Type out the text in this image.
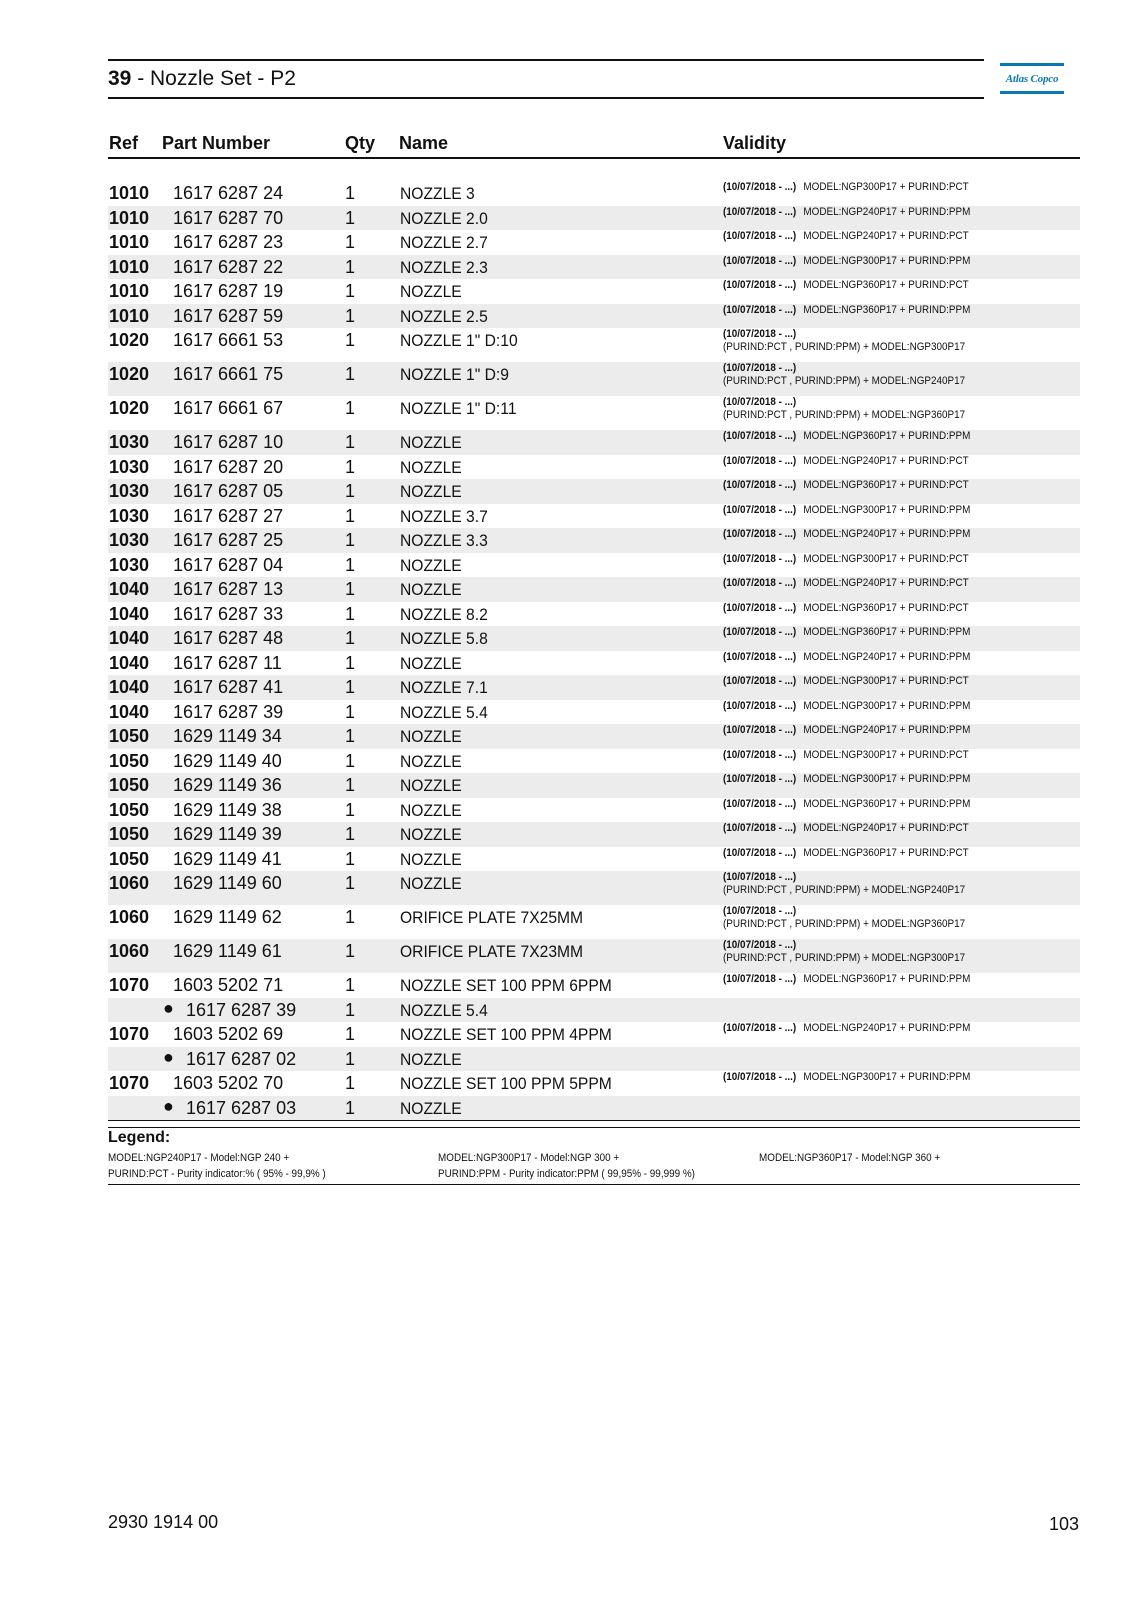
39 - Nozzle Set - P2	Atlas Copco
Ref Part Number	Qty Name	Validity
1010 1617 6287 24	1	NOZZLE 3	(10/07/2018 - ...) MODEL:NGP300P17 + PURIND:PCT
1010 1617 6287 70	1	NOZZLE 2.0	(10/07/2018 - ...) MODEL:NGP240P17 + PURIND:PPM
1010 1617 6287 23	1	NOZZLE 2.7	(10/07/2018 - ...) MODEL:NGP240P17 + PURIND:PCT
1010 1617 6287 22	1	NOZZLE 2.3	(10/07/2018 - ...) MODEL:NGP300P17 + PURIND:PPM
1010 1617 6287 19	1	NOZZLE	(10/07/2018 - ...) MODEL:NGP360P17 + PURIND:PCT
1010 1617 6287 59	1	NOZZLE 2.5	(10/07/2018 - ...) MODEL:NGP360P17 + PURIND:PPM
1020 1617 6661 53	1	NOZZLE 1" D:10	(10/07/2018 - ...)(PURIND:PCT , PURIND:PPM) + MODEL:NGP300P17
1020 1617 6661 75	1	NOZZLE 1" D:9	(10/07/2018 - ...)(PURIND:PCT , PURIND:PPM) + MODEL:NGP240P17
1020 1617 6661 67	1	NOZZLE 1" D:11	(10/07/2018 - ...)(PURIND:PCT , PURIND:PPM) + MODEL:NGP360P17
1030 1617 6287 10	1	NOZZLE	(10/07/2018 - ...) MODEL:NGP360P17 + PURIND:PPM
1030 1617 6287 20	1	NOZZLE	(10/07/2018 - ...) MODEL:NGP240P17 + PURIND:PCT
1030 1617 6287 05	1	NOZZLE	(10/07/2018 - ...) MODEL:NGP360P17 + PURIND:PCT
1030 1617 6287 27	1	NOZZLE 3.7	(10/07/2018 - ...) MODEL:NGP300P17 + PURIND:PPM
1030 1617 6287 25	1	NOZZLE 3.3	(10/07/2018 - ...) MODEL:NGP240P17 + PURIND:PPM
1030 1617 6287 04	1	NOZZLE	(10/07/2018 - ...) MODEL:NGP300P17 + PURIND:PCT
1040 1617 6287 13	1	NOZZLE	(10/07/2018 - ...) MODEL:NGP240P17 + PURIND:PCT
1040 1617 6287 33	1	NOZZLE 8.2	(10/07/2018 - ...) MODEL:NGP360P17 + PURIND:PCT
1040 1617 6287 48	1	NOZZLE 5.8	(10/07/2018 - ...) MODEL:NGP360P17 + PURIND:PPM
1040 1617 6287 11	1	NOZZLE	(10/07/2018 - ...) MODEL:NGP240P17 + PURIND:PPM
1040 1617 6287 41	1	NOZZLE 7.1	(10/07/2018 - ...) MODEL:NGP300P17 + PURIND:PCT
1040 1617 6287 39	1	NOZZLE 5.4	(10/07/2018 - ...) MODEL:NGP300P17 + PURIND:PPM
1050 1629 1149 34	1	NOZZLE	(10/07/2018 - ...) MODEL:NGP240P17 + PURIND:PPM
1050 1629 1149 40	1	NOZZLE	(10/07/2018 - ...) MODEL:NGP300P17 + PURIND:PCT
1050 1629 1149 36	1	NOZZLE	(10/07/2018 - ...) MODEL:NGP300P17 + PURIND:PPM
1050 1629 1149 38	1	NOZZLE	(10/07/2018 - ...) MODEL:NGP360P17 + PURIND:PPM
1050 1629 1149 39	1	NOZZLE	(10/07/2018 - ...) MODEL:NGP240P17 + PURIND:PCT
1050 1629 1149 41	1	NOZZLE	(10/07/2018 - ...) MODEL:NGP360P17 + PURIND:PCT
1060 1629 1149 60	1	NOZZLE	(10/07/2018 - ...)(PURIND:PCT , PURIND:PPM) + MODEL:NGP240P17
1060 1629 1149 62	1	ORIFICE PLATE 7X25MM	(10/07/2018 - ...)(PURIND:PCT , PURIND:PPM) + MODEL:NGP360P17
1060 1629 1149 61	1	ORIFICE PLATE 7X23MM	(10/07/2018 - ...)(PURIND:PCT , PURIND:PPM) + MODEL:NGP300P17
1070 1603 5202 71	1	NOZZLE SET 100 PPM 6PPM	(10/07/2018 - ...) MODEL:NGP360P17 + PURIND:PPM
● 1617 6287 39	1	NOZZLE 5.4
1070 1603 5202 69	1	NOZZLE SET 100 PPM 4PPM	(10/07/2018 - ...) MODEL:NGP240P17 + PURIND:PPM
● 1617 6287 02	1	NOZZLE
1070 1603 5202 70	1	NOZZLE SET 100 PPM 5PPM	(10/07/2018 - ...) MODEL:NGP300P17 + PURIND:PPM
● 1617 6287 03	1	NOZZLE
Legend:
MODEL:NGP240P17 - Model:NGP 240 +
PURIND:PCT - Purity indicator:% ( 95% - 99,9% )
MODEL:NGP300P17 - Model:NGP 300 +
PURIND:PPM - Purity indicator:PPM ( 99,95% - 99,999 %)
MODEL:NGP360P17 - Model:NGP 360 +
2930 1914 00	103
